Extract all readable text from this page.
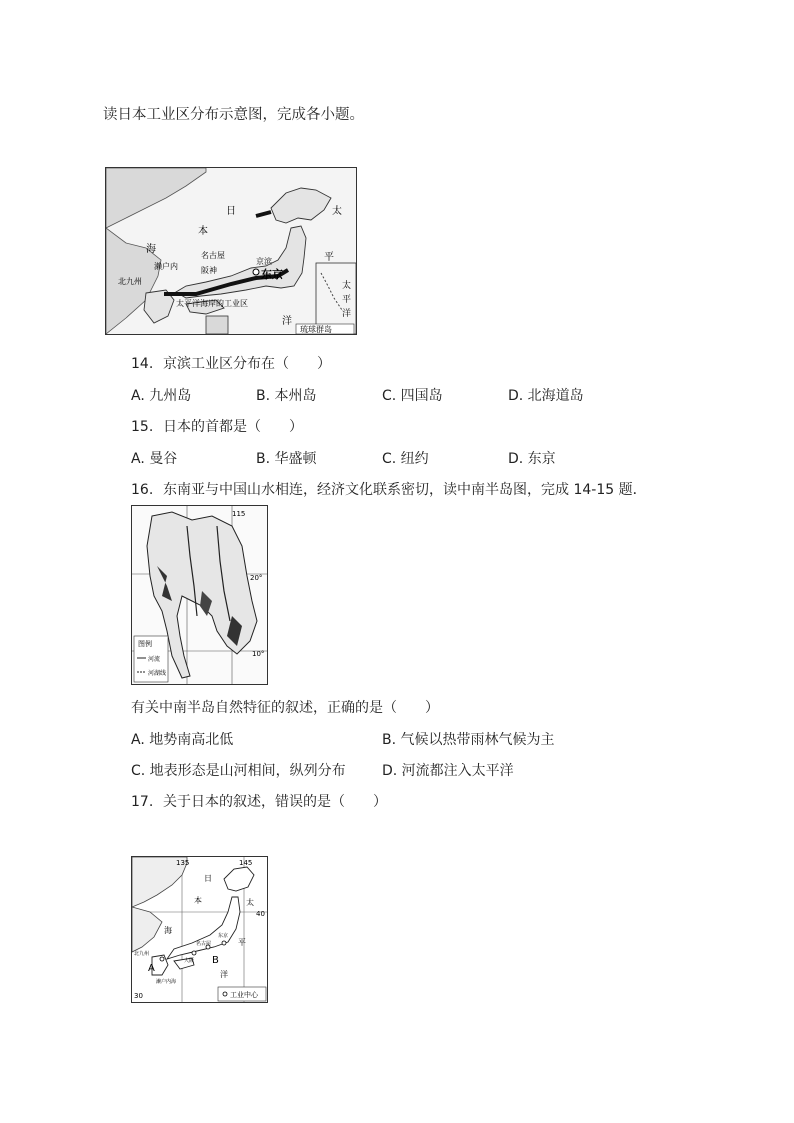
读日本工业区分布示意图，完成各小题。
日
本
海
太
平
洋
名古屋
濑户内	阪神
北九州
京滨
东京
太平洋海岸的工业区
太
平
洋
琉球群岛
14. 京滨工业区分布在（　　）
A. 九州岛	B. 本州岛	C. 四国岛	D. 北海道岛
15. 日本的首都是（　　）
A. 曼谷	B. 华盛顿	C. 纽约	D. 东京
16. 东南亚与中国山水相连，经济文化联系密切，读中南半岛图，完成 14-15 题．
115
20°
10°
图例
河流
河湖线
有关中南半岛自然特征的叙述，正确的是（　　）
A. 地势南高北低	B. 气候以热带雨林气候为主
C. 地表形态是山河相间，纵列分布	D. 河流都注入太平洋
17. 关于日本的叙述，错误的是（　　）
135	145
40
30
日
本
海
太
平
洋
北九州
濑户内海
名古屋
东京
大阪
A
B
工业中心
